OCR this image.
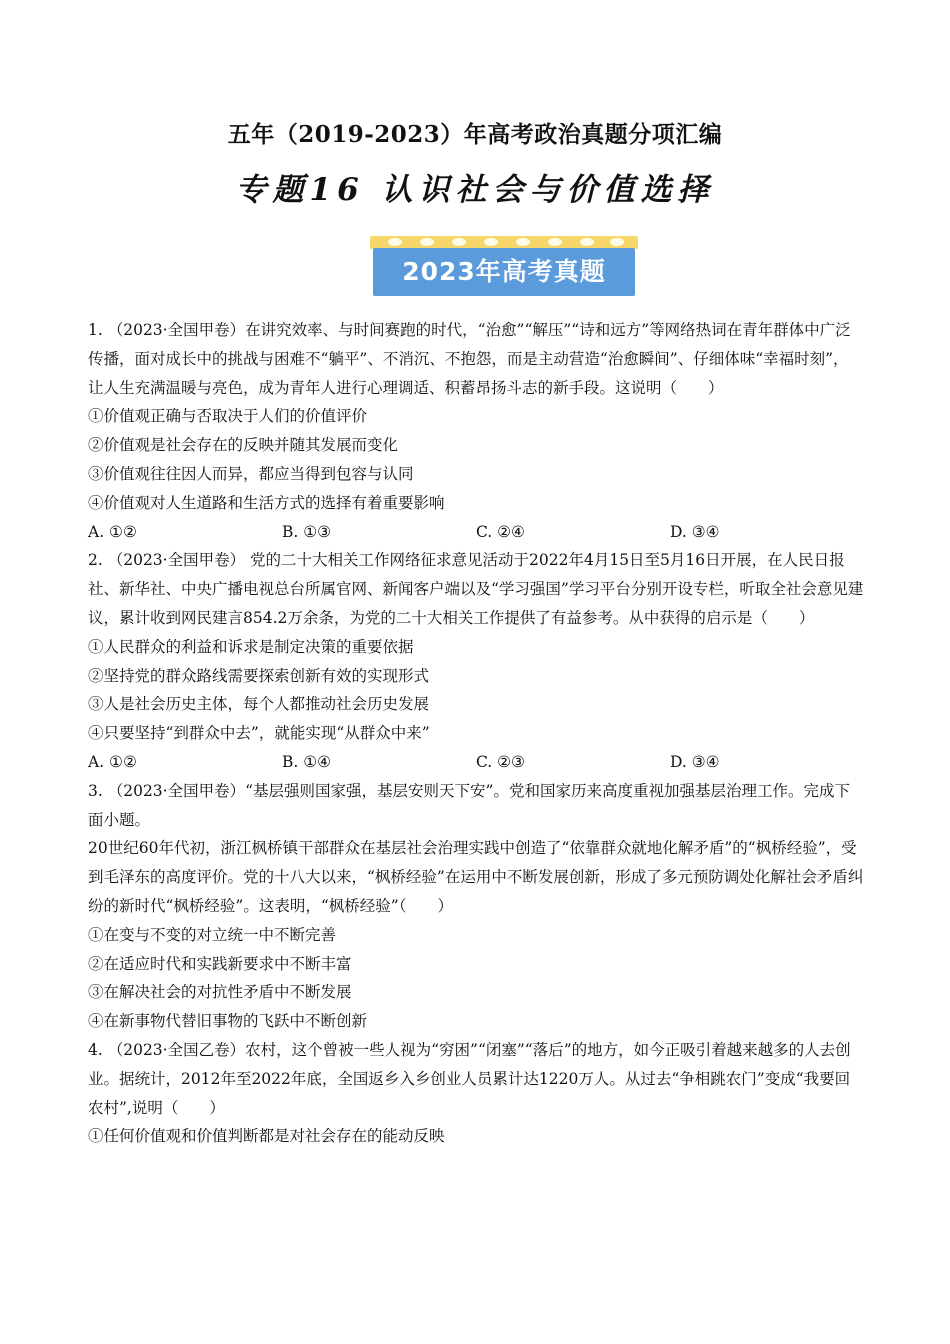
五年（2019-2023）年高考政治真题分项汇编
专题16 认识社会与价值选择
2023年高考真题

1. （2023·全国甲卷）在讲究效率、与时间赛跑的时代，“治愈”“解压”“诗和远方”等网络热词在青年群体中广泛传播，面对成长中的挑战与困难不“躺平”、不消沉、不抱怨，而是主动营造“治愈瞬间”、仔细体味“幸福时刻”，让人生充满温暖与亮色，成为青年人进行心理调适、积蓄昂扬斗志的新手段。这说明（　　）

①价值观正确与否取决于人们的价值评价

②价值观是社会存在的反映并随其发展而变化

③价值观往往因人而异，都应当得到包容与认同

④价值观对人生道路和生活方式的选择有着重要影响

A. ①②	B. ①③	C. ②④	D. ③④

2. （2023·全国甲卷） 党的二十大相关工作网络征求意见活动于2022年4月15日至5月16日开展，在人民日报社、新华社、中央广播电视总台所属官网、新闻客户端以及“学习强国”学习平台分别开设专栏，听取全社会意见建议，累计收到网民建言854.2万余条，为党的二十大相关工作提供了有益参考。从中获得的启示是（　　）

①人民群众的利益和诉求是制定决策的重要依据

②坚持党的群众路线需要探索创新有效的实现形式

③人是社会历史主体，每个人都推动社会历史发展

④只要坚持“到群众中去”，就能实现“从群众中来”

A. ①②	B. ①④	C. ②③	D. ③④

3. （2023·全国甲卷）“基层强则国家强，基层安则天下安”。党和国家历来高度重视加强基层治理工作。完成下面小题。

20世纪60年代初，浙江枫桥镇干部群众在基层社会治理实践中创造了“依靠群众就地化解矛盾”的“枫桥经验”，受到毛泽东的高度评价。党的十八大以来，“枫桥经验”在运用中不断发展创新，形成了多元预防调处化解社会矛盾纠纷的新时代“枫桥经验”。这表明，“枫桥经验”（　　）

①在变与不变的对立统一中不断完善

②在适应时代和实践新要求中不断丰富

③在解决社会的对抗性矛盾中不断发展

④在新事物代替旧事物的飞跃中不断创新

4. （2023·全国乙卷）农村，这个曾被一些人视为“穷困”“闭塞”“落后”的地方，如今正吸引着越来越多的人去创业。据统计，2012年至2022年底，全国返乡入乡创业人员累计达1220万人。从过去“争相跳农门”变成“我要回农村”,说明（　　）

①任何价值观和价值判断都是对社会存在的能动反映
